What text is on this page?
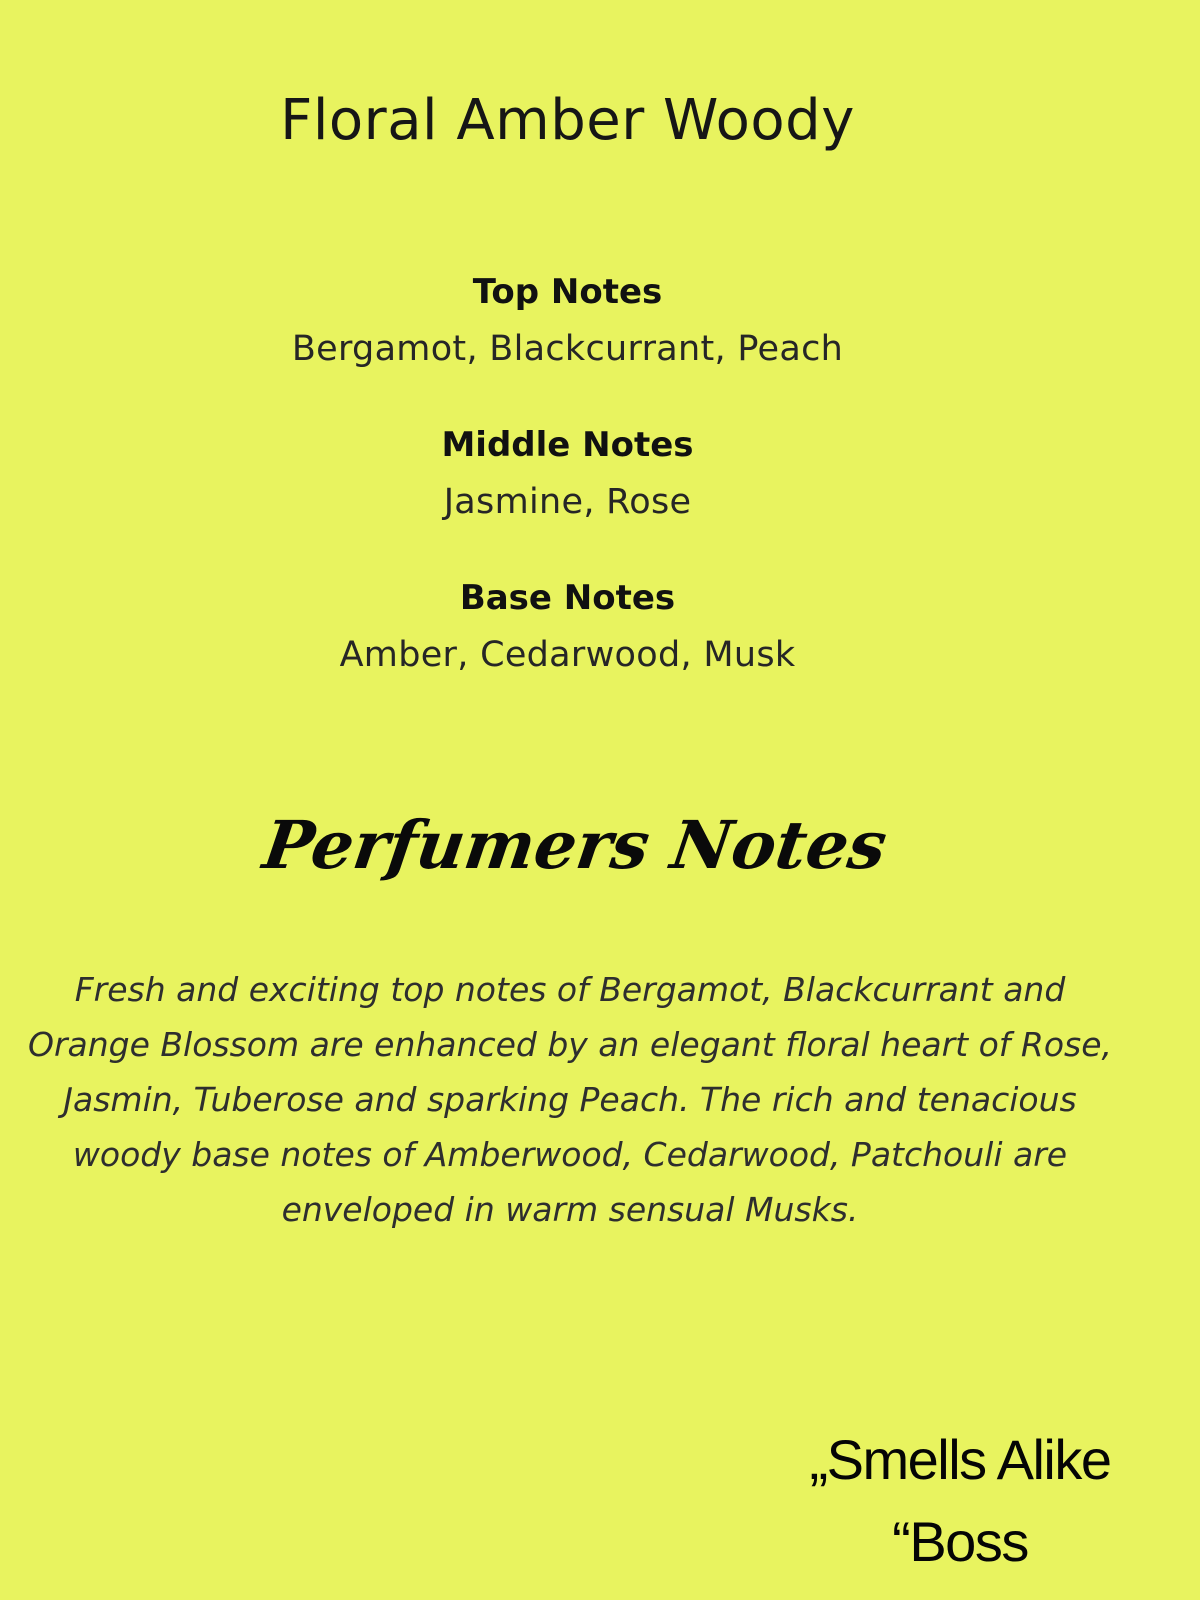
Floral Amber Woody
Top Notes

Bergamot, Blackcurrant, Peach

Middle Notes

Jasmine, Rose

Base Notes

Amber, Cedarwood, Musk

Perfumers Notes

Fresh and exciting top notes of Bergamot, Blackcurrant and Orange Blossom are enhanced by an elegant floral heart of Rose, Jasmin, Tuberose and sparking Peach. The rich and tenacious woody base notes of Amberwood, Cedarwood, Patchouli are enveloped in warm sensual Musks.

„Smells Alike

“Boss
